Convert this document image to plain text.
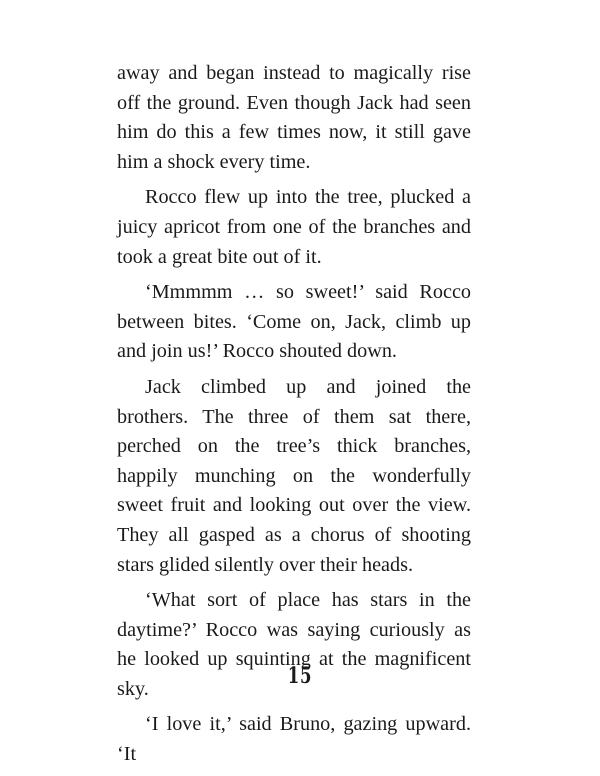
away and began instead to magically rise off the ground. Even though Jack had seen him do this a few times now, it still gave him a shock every time.

Rocco flew up into the tree, plucked a juicy apricot from one of the branches and took a great bite out of it.

‘Mmmmm … so sweet!’ said Rocco between bites. ‘Come on, Jack, climb up and join us!’ Rocco shouted down.

Jack climbed up and joined the brothers. The three of them sat there, perched on the tree’s thick branches, happily munching on the wonderfully sweet fruit and looking out over the view. They all gasped as a chorus of shooting stars glided silently over their heads.

‘What sort of place has stars in the daytime?’ Rocco was saying curiously as he looked up squinting at the magnificent sky.

‘I love it,’ said Bruno, gazing upward. ‘It

15
